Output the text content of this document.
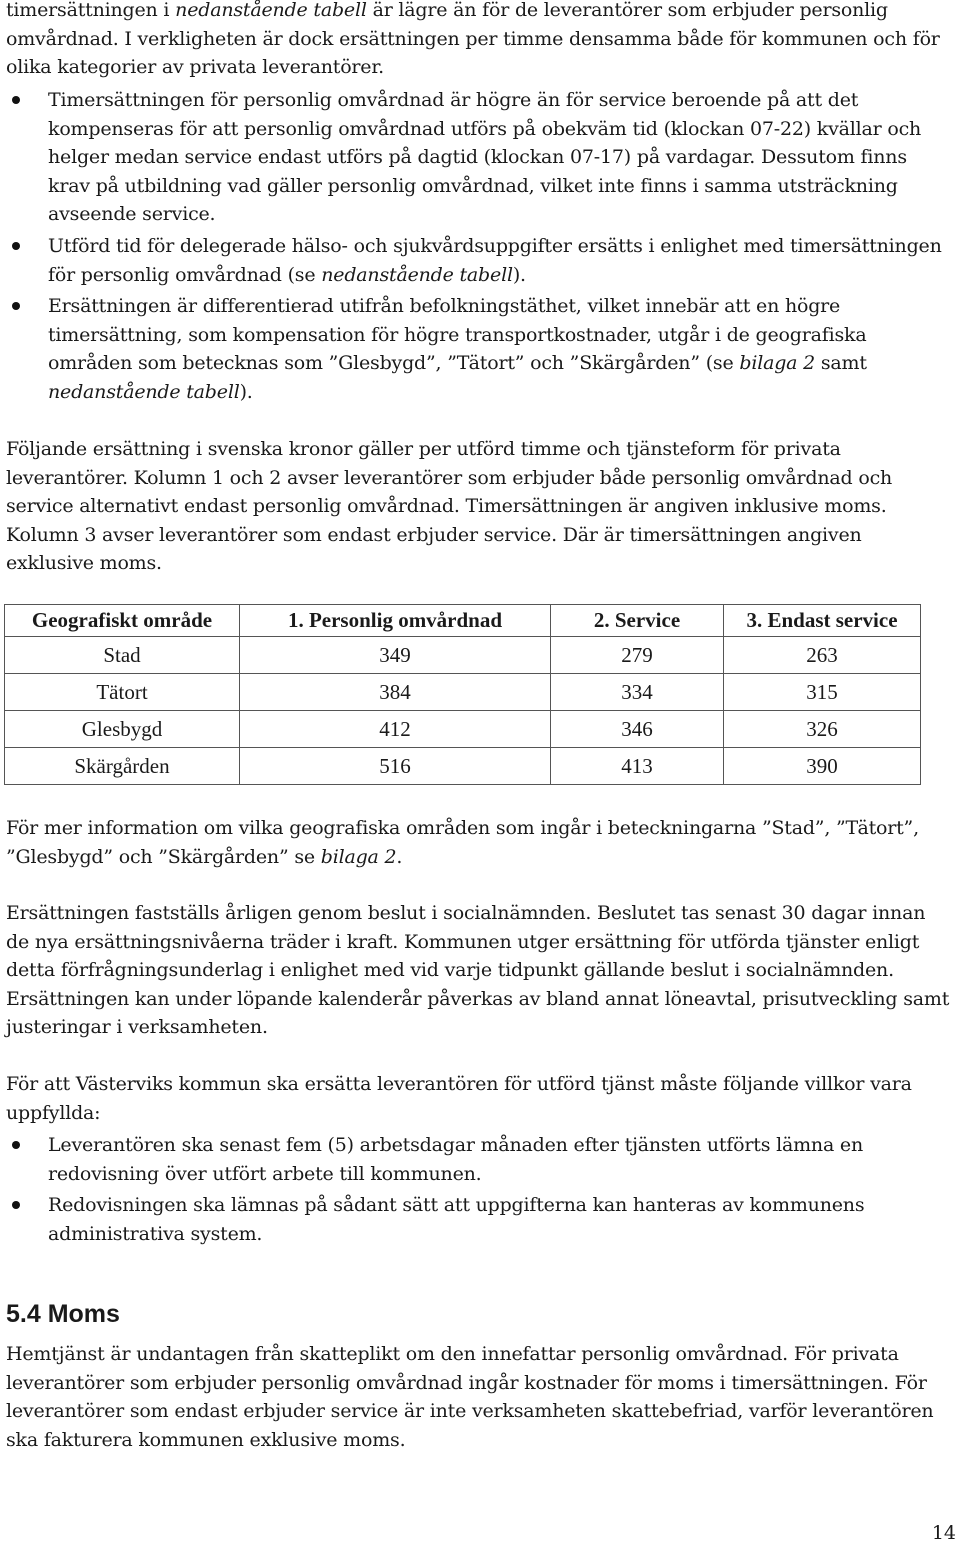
timersättningen i nedanstående tabell är lägre än för de leverantörer som erbjuder personlig omvårdnad. I verkligheten är dock ersättningen per timme densamma både för kommunen och för olika kategorier av privata leverantörer.

Timersättningen för personlig omvårdnad är högre än för service beroende på att det kompenseras för att personlig omvårdnad utförs på obekväm tid (klockan 07-22) kvällar och helger medan service endast utförs på dagtid (klockan 07-17) på vardagar. Dessutom finns krav på utbildning vad gäller personlig omvårdnad, vilket inte finns i samma utsträckning avseende service.

Utförd tid för delegerade hälso- och sjukvårdsuppgifter ersätts i enlighet med timersättningen för personlig omvårdnad (se nedanstående tabell).

Ersättningen är differentierad utifrån befolkningstäthet, vilket innebär att en högre timersättning, som kompensation för högre transportkostnader, utgår i de geografiska områden som betecknas som ”Glesbygd”, ”Tätort” och ”Skärgården” (se bilaga 2 samt nedanstående tabell).

Följande ersättning i svenska kronor gäller per utförd timme och tjänsteform för privata leverantörer. Kolumn 1 och 2 avser leverantörer som erbjuder både personlig omvårdnad och service alternativt endast personlig omvårdnad. Timersättningen är angiven inklusive moms. Kolumn 3 avser leverantörer som endast erbjuder service. Där är timersättningen angiven exklusive moms.

Geografiskt område	1. Personlig omvårdnad	2. Service	3. Endast service
Stad	349	279	263
Tätort	384	334	315
Glesbygd	412	346	326
Skärgården	516	413	390

För mer information om vilka geografiska områden som ingår i beteckningarna ”Stad”, ”Tätort”, ”Glesbygd” och ”Skärgården” se bilaga 2.

Ersättningen fastställs årligen genom beslut i socialnämnden. Beslutet tas senast 30 dagar innan de nya ersättningsnivåerna träder i kraft. Kommunen utger ersättning för utförda tjänster enligt detta förfrågningsunderlag i enlighet med vid varje tidpunkt gällande beslut i socialnämnden. Ersättningen kan under löpande kalenderår påverkas av bland annat löneavtal, prisutveckling samt justeringar i verksamheten.

För att Västerviks kommun ska ersätta leverantören för utförd tjänst måste följande villkor vara uppfyllda:

Leverantören ska senast fem (5) arbetsdagar månaden efter tjänsten utförts lämna en redovisning över utfört arbete till kommunen.

Redovisningen ska lämnas på sådant sätt att uppgifterna kan hanteras av kommunens administrativa system.

5.4 Moms

Hemtjänst är undantagen från skatteplikt om den innefattar personlig omvårdnad. För privata leverantörer som erbjuder personlig omvårdnad ingår kostnader för moms i timersättningen. För leverantörer som endast erbjuder service är inte verksamheten skattebefriad, varför leverantören ska fakturera kommunen exklusive moms.

14
